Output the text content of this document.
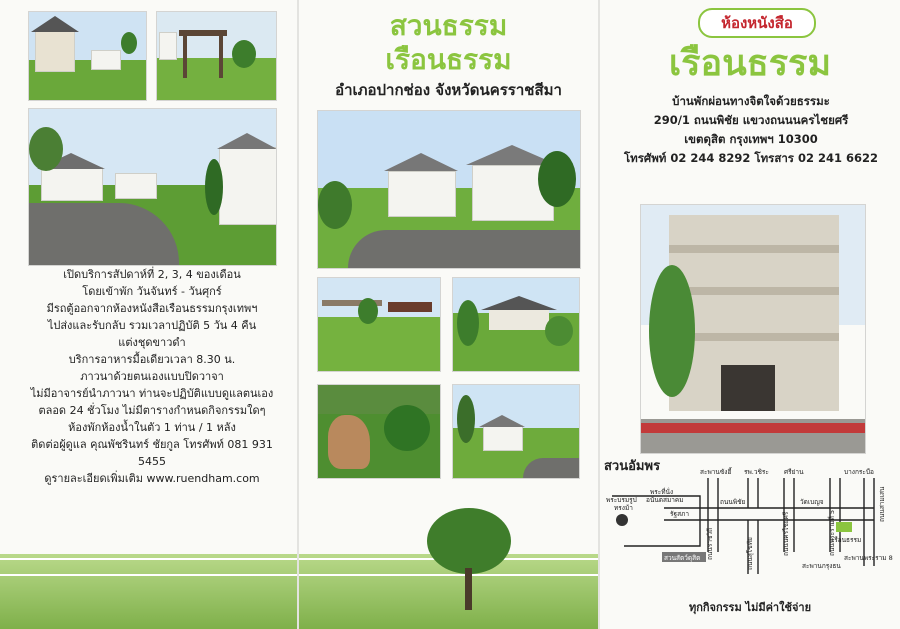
เปิดบริการสัปดาห์ที่ 2, 3, 4 ของเดือน
โดยเข้าพัก วันจันทร์ - วันศุกร์
มีรถตู้ออกจากห้องหนังสือเรือนธรรมกรุงเทพฯ
ไปส่งและรับกลับ รวมเวลาปฏิบัติ 5 วัน 4 คืน
แต่งชุดขาวดำ
บริการอาหารมื้อเดียวเวลา 8.30 น.
ภาวนาด้วยตนเองแบบปิดวาจา
ไม่มีอาจารย์นำภาวนา ท่านจะปฏิบัติแบบดูแลตนเอง
ตลอด 24 ชั่วโมง ไม่มีตารางกำหนดกิจกรรมใดๆ
ห้องพักห้องน้ำในตัว 1 ท่าน / 1 หลัง
ติดต่อผู้ดูแล คุณพัชรินทร์ ชัยกูล โทรศัพท์ 081 931 5455
ดูรายละเอียดเพิ่มเติม www.ruendham.com
สวนธรรม
เรือนธรรม
อำเภอปากช่อง จังหวัดนครราชสีมา
ห้องหนังสือ
เรือนธรรม
บ้านพักผ่อนทางจิตใจด้วยธรรมะ
290/1 ถนนพิชัย แขวงถนนนครไชยศรี
เขตดุสิต กรุงเทพฯ 10300
โทรศัพท์ 02 244 8292 โทรสาร 02 241 6622
สวนอัมพร	สะพานซังฮี้ รพ.วชิระ ศรีย่าน	บางกระบือ
พระบรมรูป
ทรงม้า
พระที่นั่ง
อนันตสมาคม	ถนนพิชัย	วัดเบญจ
รัฐสภา
สวนสัตว์ดุสิต ถนนราชวิถี	ถนนสุโขทัย	ถนนนครไชยศรี
ถนนสามเสน
ถนนพระรามที่ 5
เรือนธรรม
สะพานกรุงธน
สะพานพระราม 8
ทุกกิจกรรม ไม่มีค่าใช้จ่าย
